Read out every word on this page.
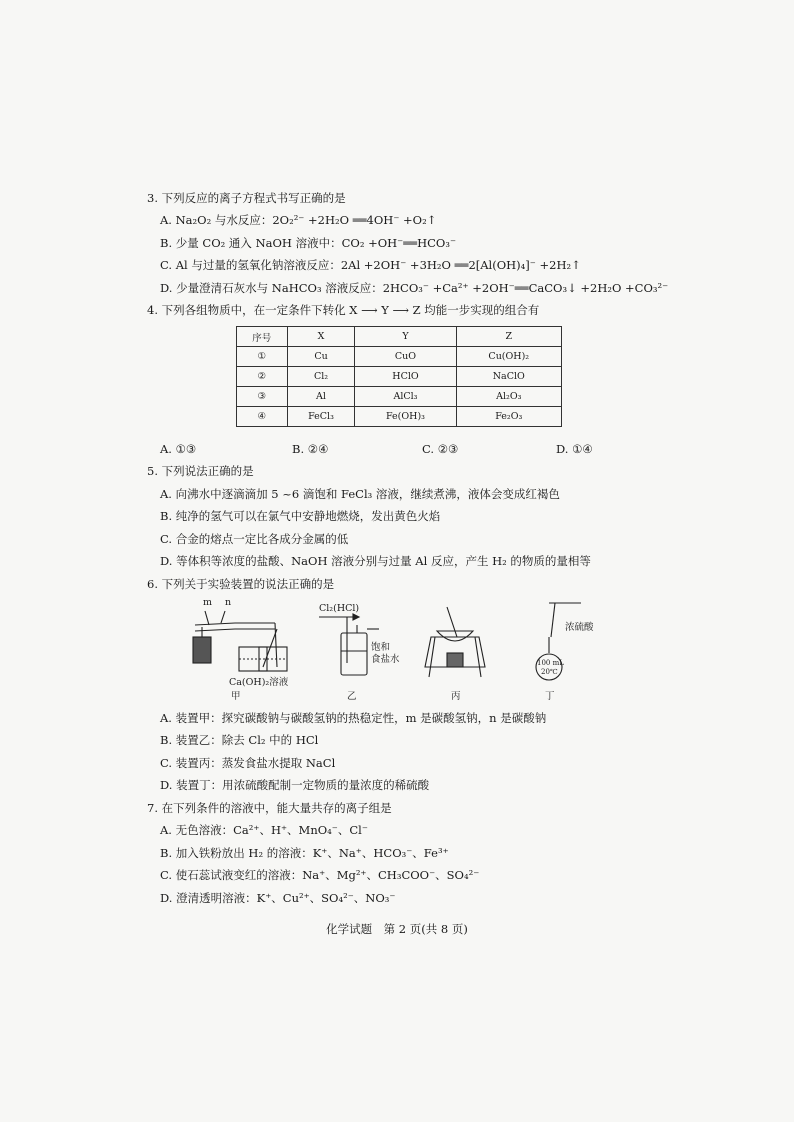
3. 下列反应的离子方程式书写正确的是
A. Na₂O₂ 与水反应：2O₂²⁻ +2H₂O ══4OH⁻ +O₂↑
B. 少量 CO₂ 通入 NaOH 溶液中：CO₂ +OH⁻══HCO₃⁻
C. Al 与过量的氢氧化钠溶液反应：2Al +2OH⁻ +3H₂O ══2[Al(OH)₄]⁻ +2H₂↑
D. 少量澄清石灰水与 NaHCO₃ 溶液反应：2HCO₃⁻ +Ca²⁺ +2OH⁻══CaCO₃↓ +2H₂O +CO₃²⁻
4. 下列各组物质中，在一定条件下转化 X ⟶ Y ⟶ Z 均能一步实现的组合有
序号	X	Y	Z
①	Cu	CuO	Cu(OH)₂
②	Cl₂	HClO	NaClO
③	Al	AlCl₃	Al₂O₃
④	FeCl₃	Fe(OH)₃	Fe₂O₃
A. ①③	B. ②④	C. ②③	D. ①④
5. 下列说法正确的是
A. 向沸水中逐滴滴加 5 ~6 滴饱和 FeCl₃ 溶液，继续煮沸，液体会变成红褐色
B. 纯净的氢气可以在氯气中安静地燃烧，发出黄色火焰
C. 合金的熔点一定比各成分金属的低
D. 等体积等浓度的盐酸、NaOH 溶液分别与过量 Al 反应，产生 H₂ 的物质的量相等
6. 下列关于实验装置的说法正确的是
m n
Ca(OH)₂溶液
Cl₂(HCl)
饱和
食盐水
浓硫酸
100 mL
20℃
甲	乙	丙	丁
A. 装置甲：探究碳酸钠与碳酸氢钠的热稳定性，m 是碳酸氢钠，n 是碳酸钠
B. 装置乙：除去 Cl₂ 中的 HCl
C. 装置丙：蒸发食盐水提取 NaCl
D. 装置丁：用浓硫酸配制一定物质的量浓度的稀硫酸
7. 在下列条件的溶液中，能大量共存的离子组是
A. 无色溶液：Ca²⁺、H⁺、MnO₄⁻、Cl⁻
B. 加入铁粉放出 H₂ 的溶液：K⁺、Na⁺、HCO₃⁻、Fe³⁺
C. 使石蕊试液变红的溶液：Na⁺、Mg²⁺、CH₃COO⁻、SO₄²⁻
D. 澄清透明溶液：K⁺、Cu²⁺、SO₄²⁻、NO₃⁻
化学试题　第 2 页(共 8 页)
